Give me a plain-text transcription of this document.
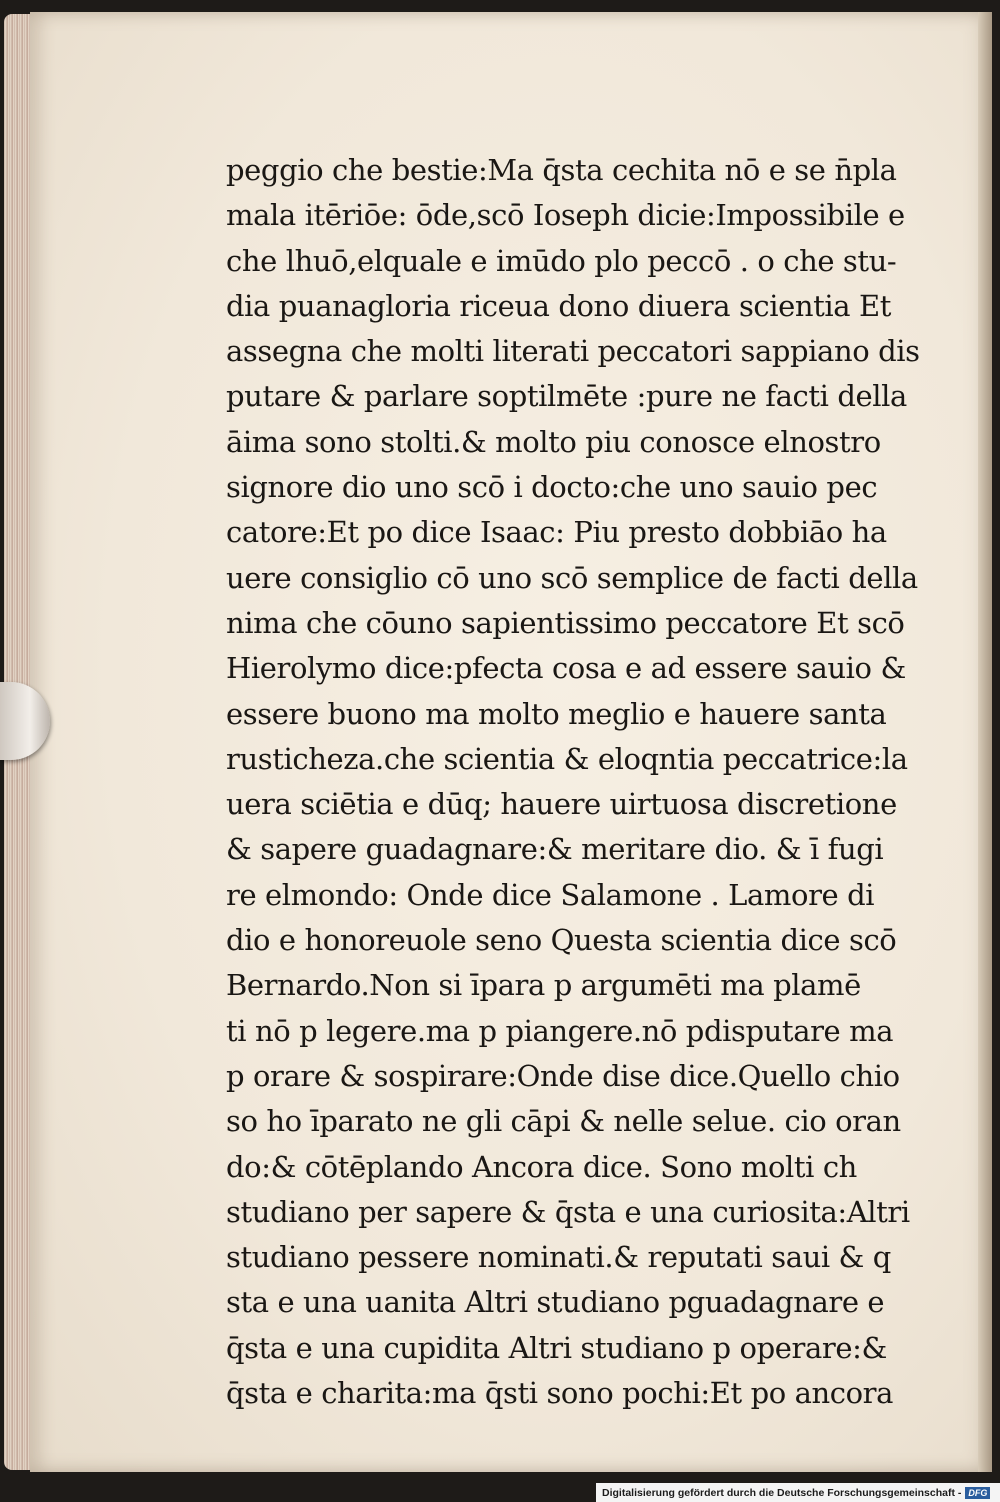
peggio che bestie:Ma q̄sta cechita nō e se n̄pla
mala itēriōe: ōde,scō Ioseph dicie:Impossibile e
che lhuō,elquale e imūdo plo peccō . o che stu-
dia puanagloria riceua dono diuera scientia Et
assegna che molti literati peccatori sappiano dis
putare & parlare soptilmēte :pure ne facti della
āima sono stolti.& molto piu conosce elnostro
signore dio uno scō i docto:che uno sauio pec
catore:Et po dice Isaac: Piu presto dobbiāo ha
uere consiglio cō uno scō semplice de facti della
nima che cōuno sapientissimo peccatore Et scō
Hierolymo dice:pfecta cosa e ad essere sauio &
essere buono ma molto meglio e hauere santa
rusticheza.che scientia & eloqntia peccatrice:la
uera sciētia e dūq; hauere uirtuosa discretione
& sapere guadagnare:& meritare dio. & ī fugi
re elmondo: Onde dice Salamone . Lamore di
dio e honoreuole seno Questa scientia dice scō
Bernardo.Non si īpara p argumēti ma plamē
ti nō p legere.ma p piangere.nō pdisputare ma
p orare & sospirare:Onde dise dice.Quello chio
so ho īparato ne gli cāpi & nelle selue. cio oran
do:& cōtēplando Ancora dice. Sono molti ch
studiano per sapere & q̄sta e una curiosita:Altri
studiano pessere nominati.& reputati saui & q
sta e una uanita Altri studiano pguadagnare e
q̄sta e una cupidita Altri studiano p operare:&
q̄sta e charita:ma q̄sti sono pochi:Et po ancora
Digitalisierung gefördert durch die Deutsche Forschungsgemeinschaft - DFG
